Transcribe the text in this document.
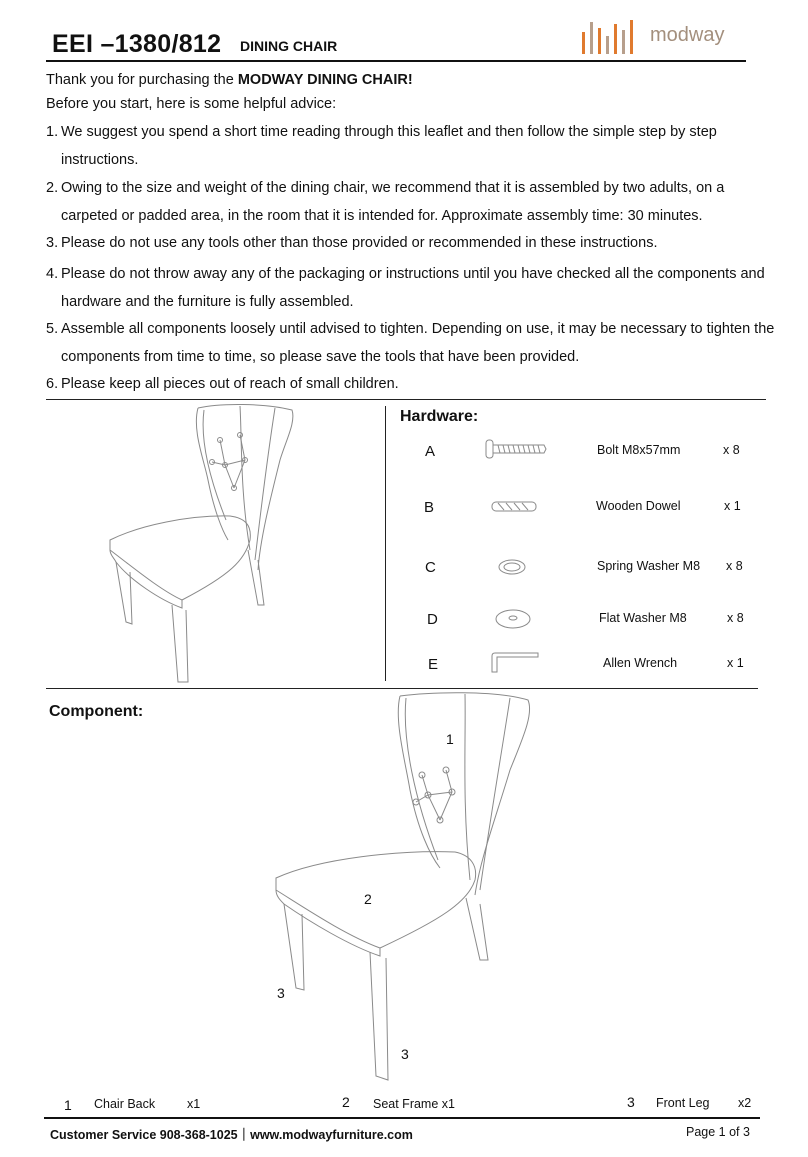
EEI –1380/812 DINING CHAIR	modway
Thank you for purchasing the MODWAY DINING CHAIR!
Before you start, here is some helpful advice:
1. We suggest you spend a short time reading through this leaflet and then follow the simple step by step
instructions.
2. Owing to the size and weight of the dining chair, we recommend that it is assembled by two adults, on a
carpeted or padded area, in the room that it is intended for. Approximate assembly time: 30 minutes.
3. Please do not use any tools other than those provided or recommended in these instructions.
4. Please do not throw away any of the packaging or instructions until you have checked all the components and
hardware and the furniture is fully assembled.
5. Assemble all components loosely until advised to tighten. Depending on use, it may be necessary to tighten the
components from time to time, so please save the tools that have been provided.
6. Please keep all pieces out of reach of small children.
Hardware:
A	Bolt M8x57mm	x 8
B	Wooden Dowel	x 1
C	Spring Washer M8 x 8
D	Flat Washer M8	x 8
E	Allen Wrench	x 1
Component:
1
2
3
3
1 Chair Back	x1	2 Seat Frame x1	3 Front Leg x2
Customer Service 908-368-1025｜www.modwayfurniture.com	Page 1 of 3
